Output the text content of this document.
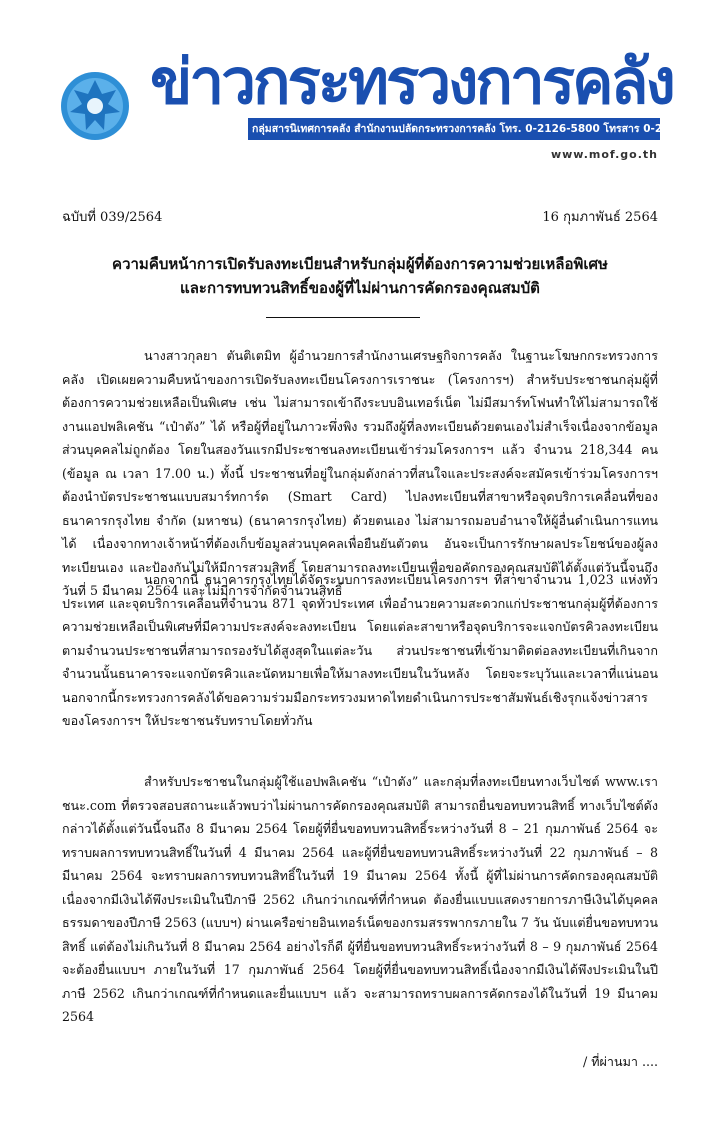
ข่าวกระทรวงการคลัง
กลุ่มสารนิเทศการคลัง สำนักงานปลัดกระทรวงการคลัง โทร. 0-2126-5800 โทรสาร 0-2273-9763
www.mof.go.th
ฉบับที่ 039/2564	16 กุมภาพันธ์ 2564
ความคืบหน้าการเปิดรับลงทะเบียนสำหรับกลุ่มผู้ที่ต้องการความช่วยเหลือพิเศษ
และการทบทวนสิทธิ์ของผู้ที่ไม่ผ่านการคัดกรองคุณสมบัติ

นางสาวกุลยา ตันติเตมิท ผู้อำนวยการสำนักงานเศรษฐกิจการคลัง ในฐานะโฆษกกระทรวงการคลัง เปิดเผยความคืบหน้าของการเปิดรับลงทะเบียนโครงการเราชนะ (โครงการฯ) สำหรับประชาชนกลุ่มผู้ที่ต้องการความช่วยเหลือเป็นพิเศษ เช่น ไม่สามารถเข้าถึงระบบอินเทอร์เน็ต ไม่มีสมาร์ทโฟนทำให้ไม่สามารถใช้งานแอปพลิเคชัน “เป๋าตัง” ได้ หรือผู้ที่อยู่ในภาวะพึ่งพิง รวมถึงผู้ที่ลงทะเบียนด้วยตนเองไม่สำเร็จเนื่องจากข้อมูลส่วนบุคคลไม่ถูกต้อง โดยในสองวันแรกมีประชาชนลงทะเบียนเข้าร่วมโครงการฯ แล้ว จำนวน 218,344 คน (ข้อมูล ณ เวลา 17.00 น.) ทั้งนี้ ประชาชนที่อยู่ในกลุ่มดังกล่าวที่สนใจและประสงค์จะสมัครเข้าร่วมโครงการฯ ต้องนำบัตรประชาชนแบบสมาร์ทการ์ด (Smart Card) ไปลงทะเบียนที่สาขาหรือจุดบริการเคลื่อนที่ของธนาคารกรุงไทย จำกัด (มหาชน) (ธนาคารกรุงไทย) ด้วยตนเอง ไม่สามารถมอบอำนาจให้ผู้อื่นดำเนินการแทนได้ เนื่องจากทางเจ้าหน้าที่ต้องเก็บข้อมูลส่วนบุคคลเพื่อยืนยันตัวตน อันจะเป็นการรักษาผลประโยชน์ของผู้ลงทะเบียนเอง และป้องกันไม่ให้มีการสวมสิทธิ์ โดยสามารถลงทะเบียนเพื่อขอคัดกรองคุณสมบัติได้ตั้งแต่วันนี้จนถึงวันที่ 5 มีนาคม 2564 และไม่มีการจำกัดจำนวนสิทธิ์

นอกจากนี้ ธนาคารกรุงไทยได้จัดระบบการลงทะเบียนโครงการฯ ที่สาขาจำนวน 1,023 แห่งทั่วประเทศ และจุดบริการเคลื่อนที่จำนวน 871 จุดทั่วประเทศ เพื่ออำนวยความสะดวกแก่ประชาชนกลุ่มผู้ที่ต้องการความช่วยเหลือเป็นพิเศษที่มีความประสงค์จะลงทะเบียน โดยแต่ละสาขาหรือจุดบริการจะแจกบัตรคิวลงทะเบียนตามจำนวนประชาชนที่สามารถรองรับได้สูงสุดในแต่ละวัน ส่วนประชาชนที่เข้ามาติดต่อลงทะเบียนที่เกินจากจำนวนนั้นธนาคารจะแจกบัตรคิวและนัดหมายเพื่อให้มาลงทะเบียนในวันหลัง โดยจะระบุวันและเวลาที่แน่นอน นอกจากนี้กระทรวงการคลังได้ขอความร่วมมือกระทรวงมหาดไทยดำเนินการประชาสัมพันธ์เชิงรุกแจ้งข่าวสารของโครงการฯ ให้ประชาชนรับทราบโดยทั่วกัน

สำหรับประชาชนในกลุ่มผู้ใช้แอปพลิเคชัน “เป๋าตัง” และกลุ่มที่ลงทะเบียนทางเว็บไซต์ www.เราชนะ.com ที่ตรวจสอบสถานะแล้วพบว่าไม่ผ่านการคัดกรองคุณสมบัติ สามารถยื่นขอทบทวนสิทธิ์ ทางเว็บไซต์ดังกล่าวได้ตั้งแต่วันนี้จนถึง 8 มีนาคม 2564 โดยผู้ที่ยื่นขอทบทวนสิทธิ์ระหว่างวันที่ 8 – 21 กุมภาพันธ์ 2564 จะทราบผลการทบทวนสิทธิ์ในวันที่ 4 มีนาคม 2564 และผู้ที่ยื่นขอทบทวนสิทธิ์ระหว่างวันที่ 22 กุมภาพันธ์ – 8 มีนาคม 2564 จะทราบผลการทบทวนสิทธิ์ในวันที่ 19 มีนาคม 2564 ทั้งนี้ ผู้ที่ไม่ผ่านการคัดกรองคุณสมบัติ เนื่องจากมีเงินได้พึงประเมินในปีภาษี 2562 เกินกว่าเกณฑ์ที่กำหนด ต้องยื่นแบบแสดงรายการภาษีเงินได้บุคคลธรรมดาของปีภาษี 2563 (แบบฯ) ผ่านเครือข่ายอินเทอร์เน็ตของกรมสรรพากรภายใน 7 วัน นับแต่ยื่นขอทบทวนสิทธิ์ แต่ต้องไม่เกินวันที่ 8 มีนาคม 2564 อย่างไรก็ดี ผู้ที่ยื่นขอทบทวนสิทธิ์ระหว่างวันที่ 8 – 9 กุมภาพันธ์ 2564 จะต้องยื่นแบบฯ ภายในวันที่ 17 กุมภาพันธ์ 2564 โดยผู้ที่ยื่นขอทบทวนสิทธิ์เนื่องจากมีเงินได้พึงประเมินในปีภาษี 2562 เกินกว่าเกณฑ์ที่กำหนดและยื่นแบบฯ แล้ว จะสามารถทราบผลการคัดกรองได้ในวันที่ 19 มีนาคม 2564

/ ที่ผ่านมา ....
